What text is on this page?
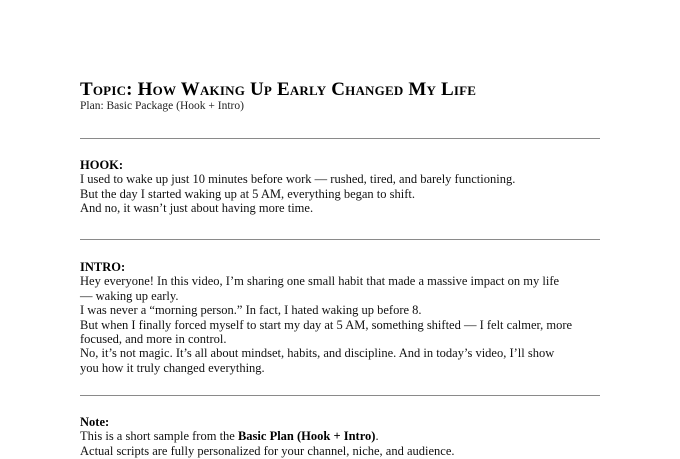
Topic: How Waking Up Early Changed My Life

Plan: Basic Package (Hook + Intro)

HOOK:
I used to wake up just 10 minutes before work — rushed, tired, and barely functioning.
But the day I started waking up at 5 AM, everything began to shift.
And no, it wasn’t just about having more time.
INTRO:
Hey everyone! In this video, I’m sharing one small habit that made a massive impact on my life
— waking up early.
I was never a “morning person.” In fact, I hated waking up before 8.
But when I finally forced myself to start my day at 5 AM, something shifted — I felt calmer, more
focused, and more in control.
No, it’s not magic. It’s all about mindset, habits, and discipline. And in today’s video, I’ll show
you how it truly changed everything.
Note:
This is a short sample from the Basic Plan (Hook + Intro).
Actual scripts are fully personalized for your channel, niche, and audience.
